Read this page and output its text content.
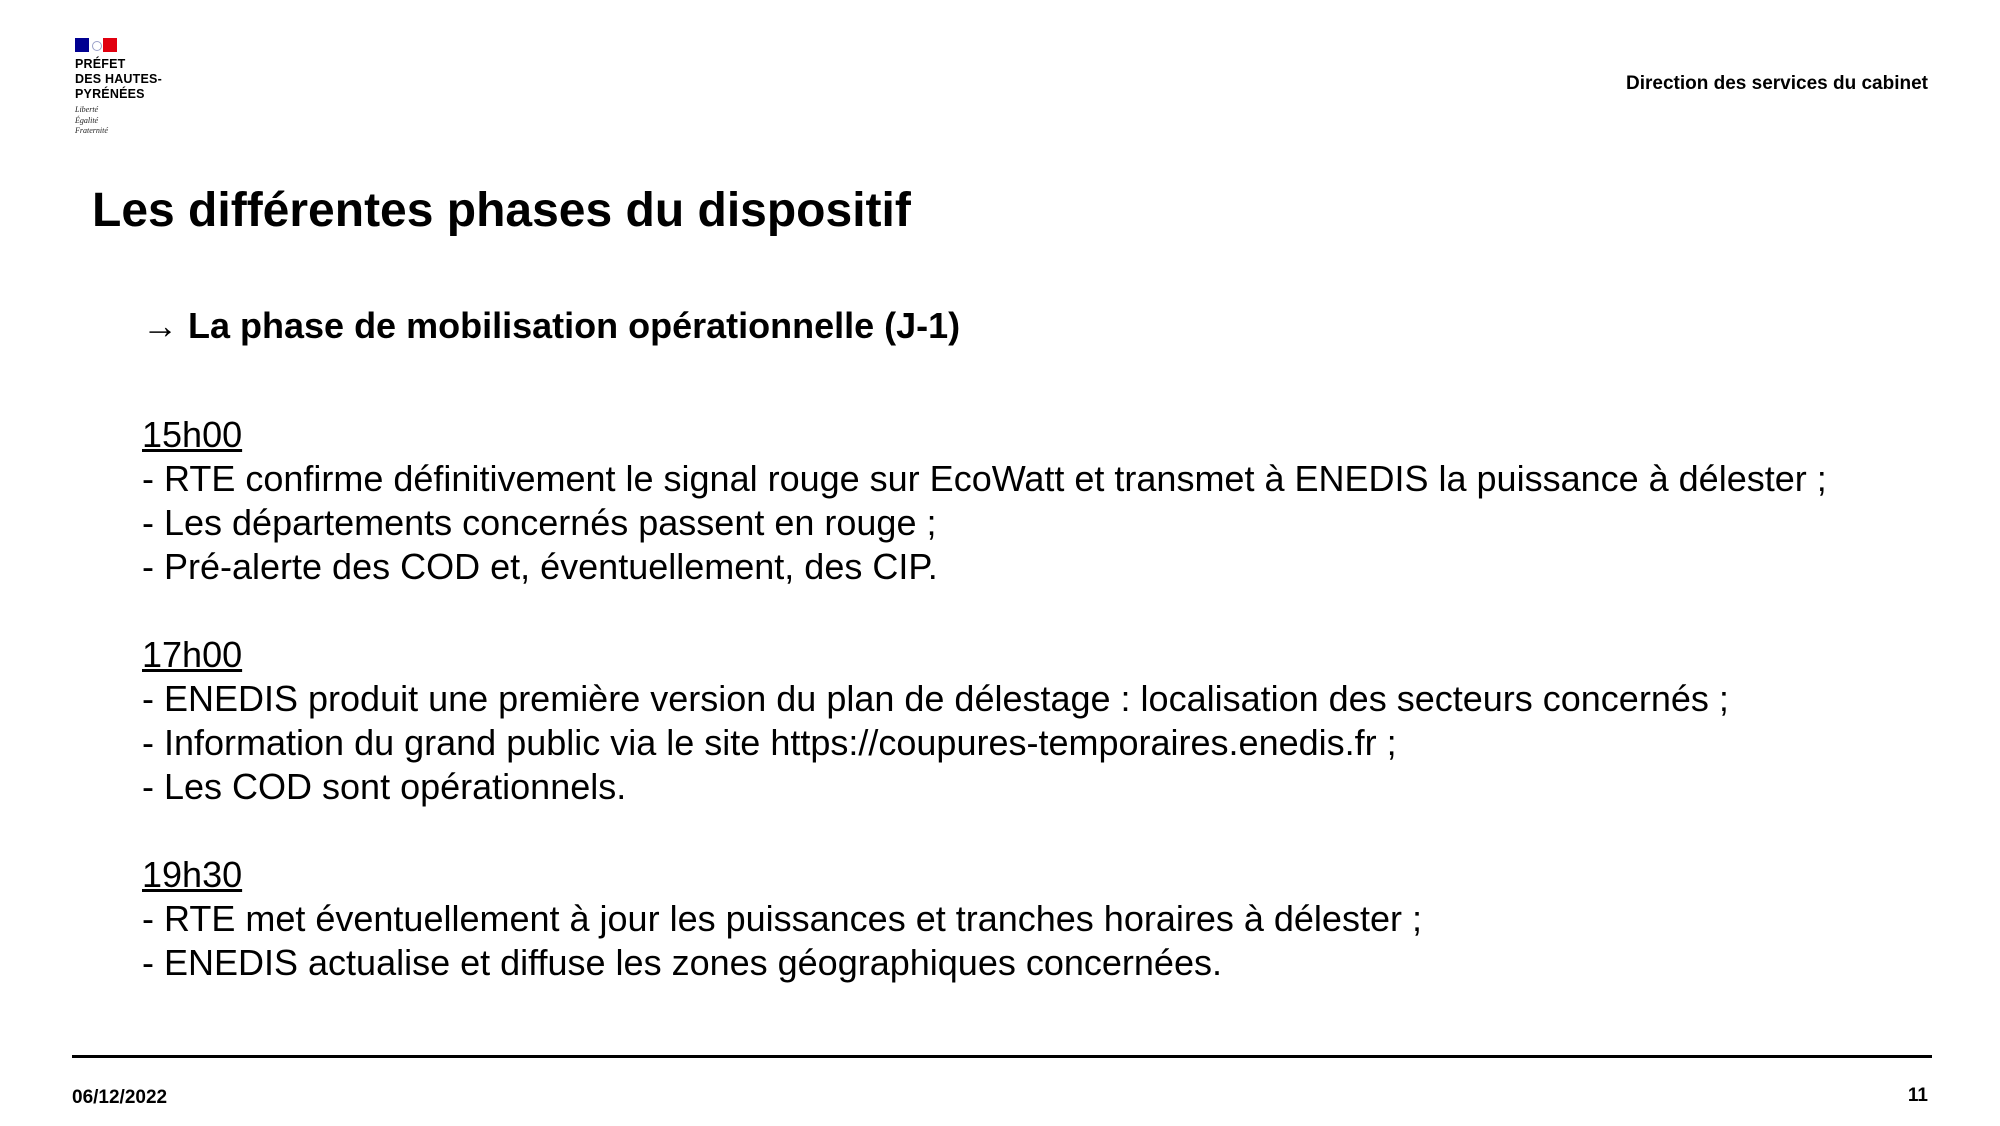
PRÉFET
DES HAUTES-
PYRÉNÉES
Liberté
Égalité
Fraternité
Direction des services du cabinet
Les différentes phases du dispositif
→ La phase de mobilisation opérationnelle (J-1)
15h00
- RTE confirme définitivement le signal rouge sur EcoWatt et transmet à ENEDIS la puissance à délester ;
- Les départements concernés passent en rouge ;
- Pré-alerte des COD et, éventuellement, des CIP.
17h00
- ENEDIS produit une première version du plan de délestage : localisation des secteurs concernés ;
- Information du grand public via le site https://coupures-temporaires.enedis.fr ;
- Les COD sont opérationnels.
19h30
- RTE met éventuellement à jour les puissances et tranches horaires à délester ;
- ENEDIS actualise et diffuse les zones géographiques concernées.
06/12/2022	11
